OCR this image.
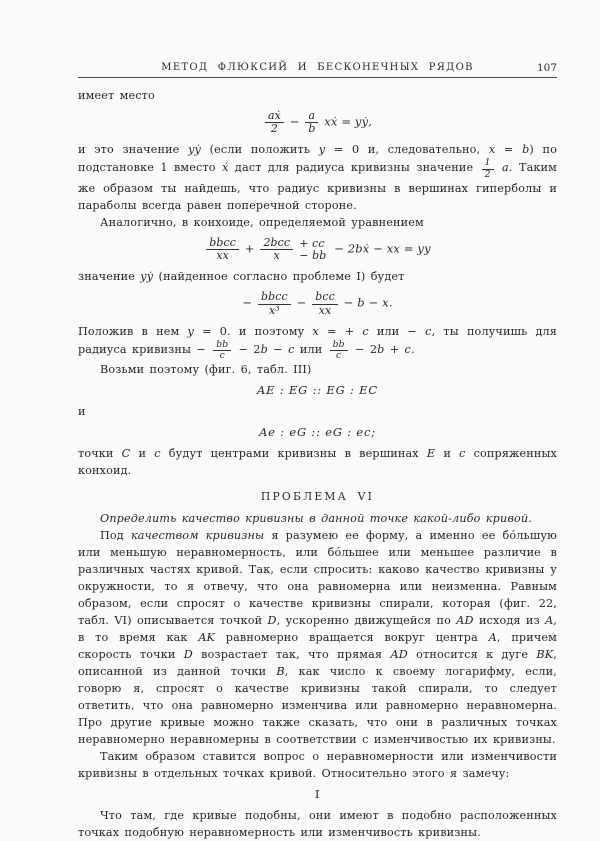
МЕТОД ФЛЮКСИЙ И БЕСКОНЕЧНЫХ РЯДОВ	107
имеет место
$\frac{\text{aẋ}}{2} - \frac{a}{b}$ xẋ = yẏ,
и это значение yẏ (если положить y = 0 и, следовательно, x = b) по подстановке 1 вместо ẋ даст для радиуса кривизны значение $\frac{1}{2} a$. Таким же образом ты найдешь, что радиус кривизны в вершинах гиперболы и параболы всегда равен поперечной стороне.
Аналогично, в конхоиде, определяемой уравнением
$\frac{\text{bbcc}}{xx} + \frac{\text{2bcc}}{x}$ + cc
− bb
− 2bẋ − xx = yy
значение yẏ (найденное согласно проблеме I) будет
− $\frac{\text{bbcc}}{\text{x³}} - \frac{\text{bcc}}{xx} - b - x$.
Положив в нем y = 0. и поэтому x = + c или − c, ты получишь для радиуса кривизны − $\frac{bb}{c} - 2b - c$ или $\frac{bb}{c} - 2b + c$.
Возьми поэтому (фиг. 6, табл. III)
AE : EG :: EG : EC
и
Ae : eG :: eG : ec;
точки C и c будут центрами кривизны в вершинах E и c сопряженных конхоид.
ПРОБЛЕМА VI
Определить качество кривизны в данной точке какой-либо кривой.
Под качеством кривизны я разумею ее форму, а именно ее бо́льшую или меньшую неравномерность, или бо́льшее или меньшее различие в различных частях кривой. Так, если спросить: каково качество кривизны у окружности, то я отвечу, что она равномерна или неизменна. Равным образом, если спросят о качестве кривизны спирали, которая (фиг. 22, табл. VI) описывается точкой D, ускоренно движущейся по AD исходя из A, в то время как AK равномерно вращается вокруг центра A, причем скорость точки D возрастает так, что прямая AD относится к дуге BK, описанной из данной точки B, как число к своему логарифму, если, говорю я, спросят о качестве кривизны такой спирали, то следует ответить, что она равномерно изменчива или равномерно неравномерна. Про другие кривые можно также сказать, что они в различных точках неравномерно неравномерны в соответствии с изменчивостью их кривизны.
Таким образом ставится вопрос о неравномерности или изменчивости кривизны в отдельных точках кривой. Относительно этого я замечу:
I
Что там, где кривые подобны, они имеют в подобно расположенных точках подобную неравномерность или изменчивость кривизны.
